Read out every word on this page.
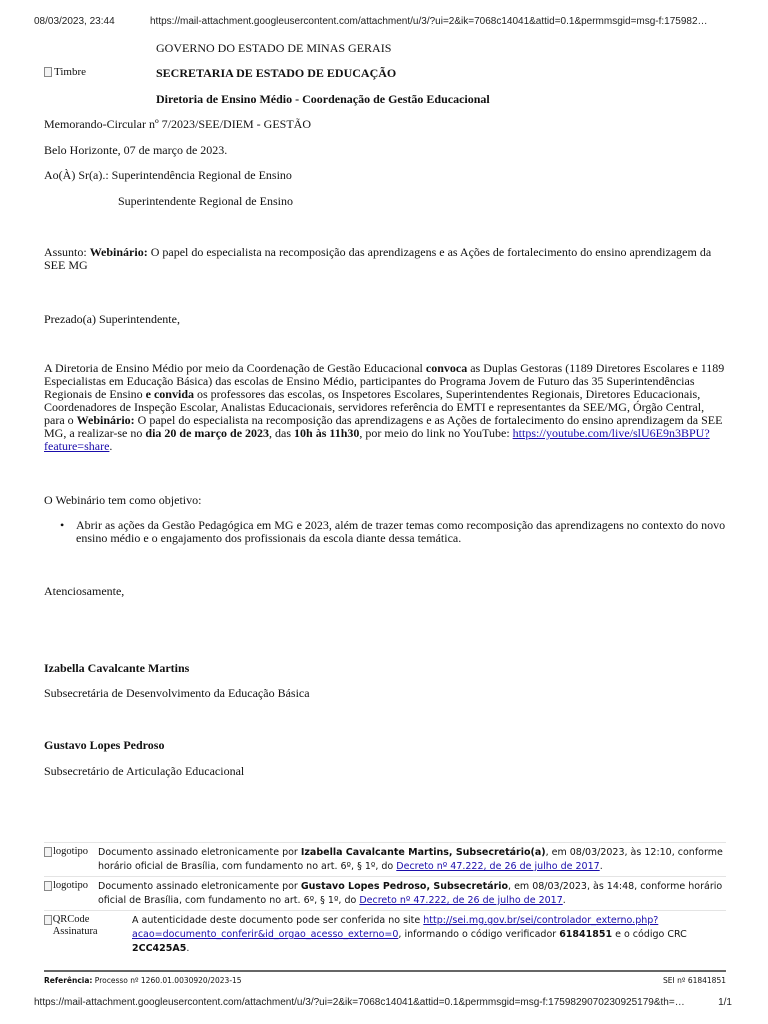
08/03/2023, 23:44	https://mail-attachment.googleusercontent.com/attachment/u/3/?ui=2&ik=7068c14041&attid=0.1&permmsgid=msg-f:175982…
GOVERNO DO ESTADO DE MINAS GERAIS
Timbre	SECRETARIA DE ESTADO DE EDUCAÇÃO
Diretoria de Ensino Médio - Coordenação de Gestão Educacional
Memorando-Circular nº 7/2023/SEE/DIEM - GESTÃO
Belo Horizonte, 07 de março de 2023.
Ao(À) Sr(a).: Superintendência Regional de Ensino
Superintendente Regional de Ensino
Assunto: Webinário: O papel do especialista na recomposição das aprendizagens e as Ações de fortalecimento do ensino aprendizagem da SEE MG
Prezado(a) Superintendente,
A Diretoria de Ensino Médio por meio da Coordenação de Gestão Educacional convoca as Duplas Gestoras (1189 Diretores Escolares e 1189 Especialistas em Educação Básica) das escolas de Ensino Médio, participantes do Programa Jovem de Futuro das 35 Superintendências Regionais de Ensino e convida os professores das escolas, os Inspetores Escolares, Superintendentes Regionais, Diretores Educacionais, Coordenadores de Inspeção Escolar, Analistas Educacionais, servidores referência do EMTI e representantes da SEE/MG, Órgão Central, para o Webinário: O papel do especialista na recomposição das aprendizagens e as Ações de fortalecimento do ensino aprendizagem da SEE MG, a realizar-se no dia 20 de março de 2023, das 10h às 11h30, por meio do link no YouTube: https://youtube.com/live/slU6E9n3BPU?feature=share.
O Webinário tem como objetivo:
• Abrir as ações da Gestão Pedagógica em MG e 2023, além de trazer temas como recomposição das aprendizagens no contexto do novo ensino médio e o engajamento dos profissionais da escola diante dessa temática.
Atenciosamente,
Izabella Cavalcante Martins
Subsecretária de Desenvolvimento da Educação Básica
Gustavo Lopes Pedroso
Subsecretário de Articulação Educacional
logotipo Documento assinado eletronicamente por Izabella Cavalcante Martins, Subsecretário(a), em 08/03/2023, às 12:10, conforme horário oficial de Brasília, com fundamento no art. 6º, § 1º, do Decreto nº 47.222, de 26 de julho de 2017.
logotipo Documento assinado eletronicamente por Gustavo Lopes Pedroso, Subsecretário, em 08/03/2023, às 14:48, conforme horário oficial de Brasília, com fundamento no art. 6º, § 1º, do Decreto nº 47.222, de 26 de julho de 2017.
QRCode Assinatura
A autenticidade deste documento pode ser conferida no site http://sei.mg.gov.br/sei/controlador_externo.php?acao=documento_conferir&id_orgao_acesso_externo=0, informando o código verificador 61841851 e o código CRC 2CC425A5.
Referência: Processo nº 1260.01.0030920/2023-15	SEI nº 61841851
https://mail-attachment.googleusercontent.com/attachment/u/3/?ui=2&ik=7068c14041&attid=0.1&permmsgid=msg-f:1759829070230925179&th=…	1/1
